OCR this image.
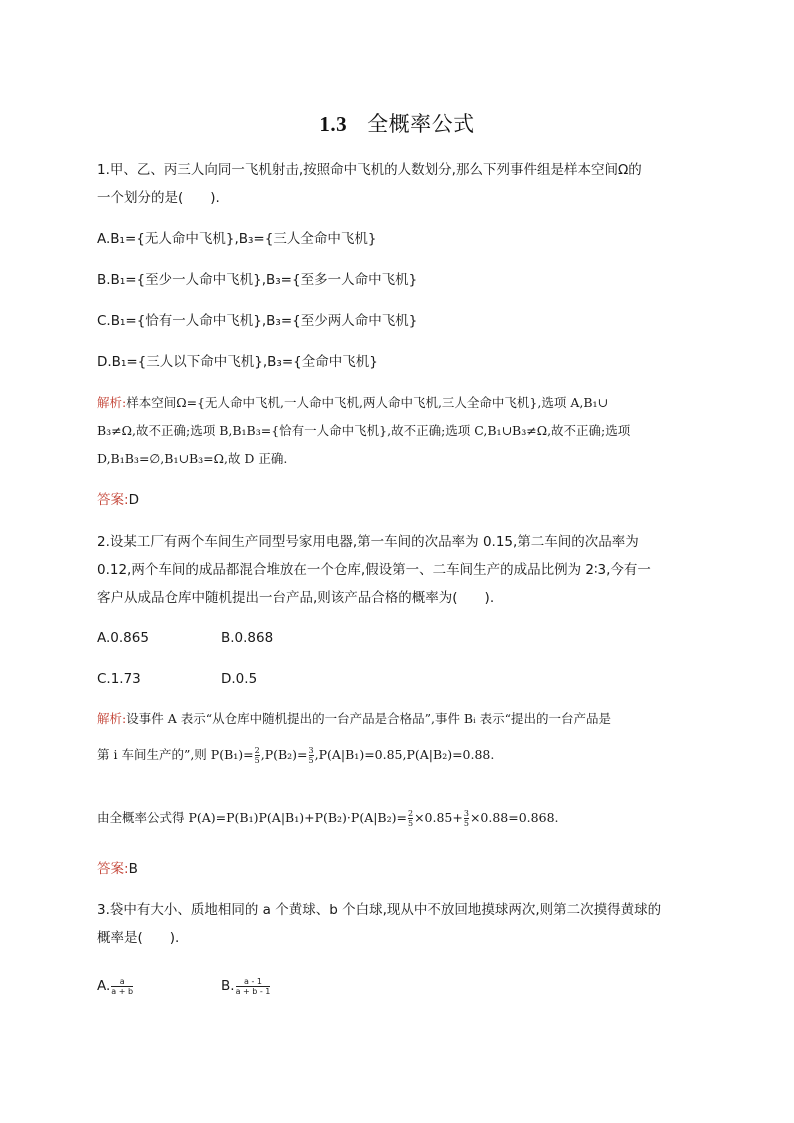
1.3 全概率公式
1.甲、乙、丙三人向同一飞机射击,按照命中飞机的人数划分,那么下列事件组是样本空间Ω的
一个划分的是(　　).
A.B₁={无人命中飞机},B₃={三人全命中飞机}
B.B₁={至少一人命中飞机},B₃={至多一人命中飞机}
C.B₁={恰有一人命中飞机},B₃={至少两人命中飞机}
D.B₁={三人以下命中飞机},B₃={全命中飞机}
解析:样本空间Ω={无人命中飞机,一人命中飞机,两人命中飞机,三人全命中飞机},选项 A,B₁∪
B₃≠Ω,故不正确;选项 B,B₁B₃={恰有一人命中飞机},故不正确;选项 C,B₁∪B₃≠Ω,故不正确;选项
D,B₁B₃=∅,B₁∪B₃=Ω,故 D 正确.
答案:D
2.设某工厂有两个车间生产同型号家用电器,第一车间的次品率为 0.15,第二车间的次品率为
0.12,两个车间的成品都混合堆放在一个仓库,假设第一、二车间生产的成品比例为 2∶3,今有一
客户从成品仓库中随机提出一台产品,则该产品合格的概率为(　　).
A.0.865	B.0.868
C.1.73	D.0.5
解析:设事件 A 表示“从仓库中随机提出的一台产品是合格品”,事件 Bᵢ 表示“提出的一台产品是
第 i 车间生产的”,则 $P(B_1)= \frac{2}{5} ,P(B_2)= \frac{3}{5} ,P(A|B_1)=0.85,P(A|B_2)=0.88$.
由全概率公式得 $P(A)=P(B_1)P(A|B_1)+P(B_2)\cdot P(A|B_2)= \frac{2}{5} \times 0.85+ \frac{3}{5} \times 0.88=0.868$.
答案:B
3.袋中有大小、质地相同的 a 个黄球、b 个白球,现从中不放回地摸球两次,则第二次摸得黄球的
概率是(　　).
A. $\frac{a}{a + b}$	B. $\frac{a - 1}{a + b - 1}$
